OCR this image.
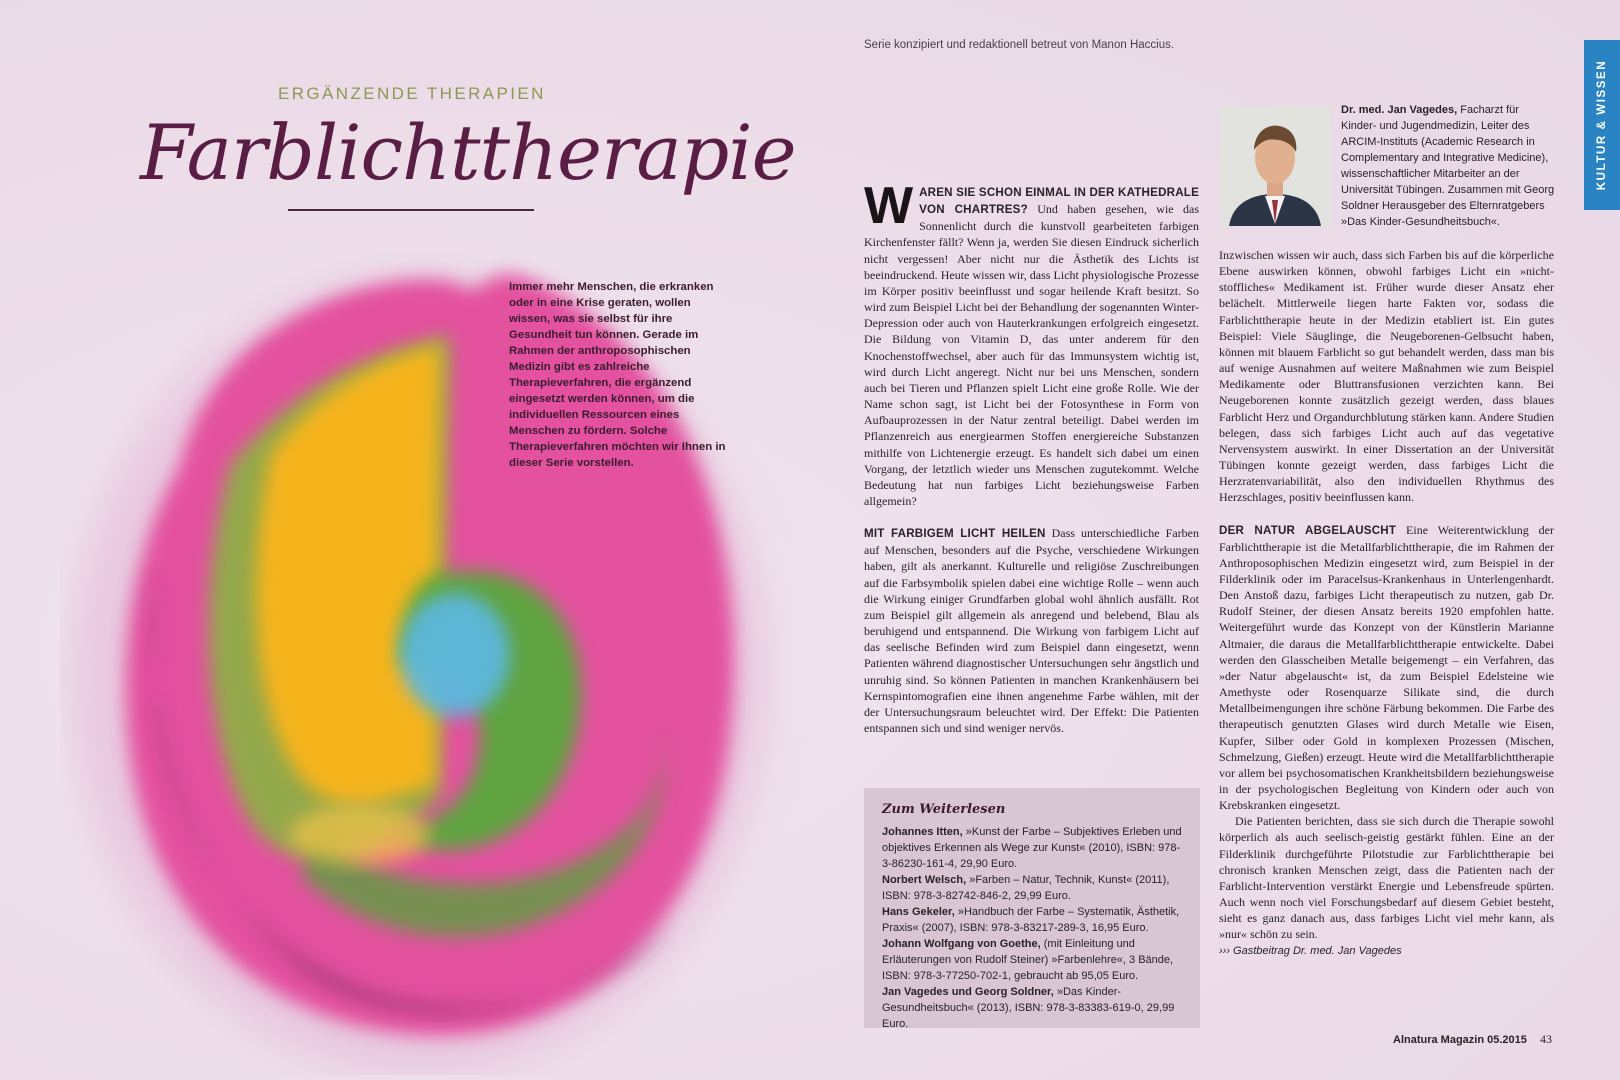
Serie konzipiert und redaktionell betreut von Manon Haccius.
ERGÄNZENDE THERAPIEN
Farblichttherapie
Immer mehr Menschen, die erkranken oder in eine Krise geraten, wollen wissen, was sie selbst für ihre Gesundheit tun können. Gerade im Rahmen der anthroposophischen Medizin gibt es zahlreiche Therapieverfahren, die ergänzend eingesetzt werden können, um die individuellen Ressourcen eines Menschen zu fördern. Solche Therapieverfahren möchten wir Ihnen in dieser Serie vorstellen.
KULTUR & WISSEN
Dr. med. Jan Vagedes, Facharzt für Kinder- und Jugendmedizin, Leiter des ARCIM-Instituts (Academic Research in Complementary and Integrative Medicine), wissenschaftlicher Mitarbeiter an der Universität Tübingen. Zusammen mit Georg Soldner Herausgeber des Elternratgebers »Das Kinder-Gesundheitsbuch«.

WAREN SIE SCHON EINMAL IN DER KATHEDRALE VON CHARTRES? Und haben gesehen, wie das Sonnenlicht durch die kunstvoll gearbeiteten farbigen Kirchenfenster fällt? Wenn ja, werden Sie diesen Eindruck sicherlich nicht vergessen! Aber nicht nur die Ästhetik des Lichts ist beeindruckend. Heute wissen wir, dass Licht physiologische Prozesse im Körper positiv beeinflusst und sogar heilende Kraft besitzt. So wird zum Beispiel Licht bei der Behandlung der sogenannten Winter-Depression oder auch von Hauterkrankungen erfolgreich eingesetzt. Die Bildung von Vitamin D, das unter anderem für den Knochenstoffwechsel, aber auch für das Immunsystem wichtig ist, wird durch Licht angeregt. Nicht nur bei uns Menschen, sondern auch bei Tieren und Pflanzen spielt Licht eine große Rolle. Wie der Name schon sagt, ist Licht bei der Fotosynthese in Form von Aufbauprozessen in der Natur zentral beteiligt. Dabei werden im Pflanzenreich aus energiearmen Stoffen energiereiche Substanzen mithilfe von Lichtenergie erzeugt. Es handelt sich dabei um einen Vorgang, der letztlich wieder uns Menschen zugutekommt. Welche Bedeutung hat nun farbiges Licht beziehungsweise Farben allgemein?

MIT FARBIGEM LICHT HEILEN Dass unterschiedliche Farben auf Menschen, besonders auf die Psyche, verschiedene Wirkungen haben, gilt als anerkannt. Kulturelle und religiöse Zuschreibungen auf die Farbsymbolik spielen dabei eine wichtige Rolle – wenn auch die Wirkung einiger Grundfarben global wohl ähnlich ausfällt. Rot zum Beispiel gilt allgemein als anregend und belebend, Blau als beruhigend und entspannend. Die Wirkung von farbigem Licht auf das seelische Befinden wird zum Beispiel dann eingesetzt, wenn Patienten während diagnostischer Untersuchungen sehr ängstlich und unruhig sind. So können Patienten in manchen Krankenhäusern bei Kernspintomografien eine ihnen angenehme Farbe wählen, mit der der Untersuchungsraum beleuchtet wird. Der Effekt: Die Patienten entspannen sich und sind weniger nervös.

Zum Weiterlesen

Johannes Itten, »Kunst der Farbe – Subjektives Erleben und objektives Erkennen als Wege zur Kunst« (2010), ISBN: 978-3-86230-161-4, 29,90 Euro.

Norbert Welsch, »Farben – Natur, Technik, Kunst« (2011), ISBN: 978-3-82742-846-2, 29,99 Euro.

Hans Gekeler, »Handbuch der Farbe – Systematik, Ästhetik, Praxis« (2007), ISBN: 978-3-83217-289-3, 16,95 Euro.

Johann Wolfgang von Goethe, (mit Einleitung und Erläuterungen von Rudolf Steiner) »Farbenlehre«, 3 Bände, ISBN: 978-3-77250-702-1, gebraucht ab 95,05 Euro.

Jan Vagedes und Georg Soldner, »Das Kinder-Gesundheitsbuch« (2013), ISBN: 978-3-83383-619-0, 29,99 Euro.

Inzwischen wissen wir auch, dass sich Farben bis auf die körperliche Ebene auswirken können, obwohl farbiges Licht ein »nicht-stoffliches« Medikament ist. Früher wurde dieser Ansatz eher belächelt. Mittlerweile liegen harte Fakten vor, sodass die Farblichttherapie heute in der Medizin etabliert ist. Ein gutes Beispiel: Viele Säuglinge, die Neugeborenen-Gelbsucht haben, können mit blauem Farblicht so gut behandelt werden, dass man bis auf wenige Ausnahmen auf weitere Maßnahmen wie zum Beispiel Medikamente oder Bluttransfusionen verzichten kann. Bei Neugeborenen konnte zusätzlich gezeigt werden, dass blaues Farblicht Herz und Organdurchblutung stärken kann. Andere Studien belegen, dass sich farbiges Licht auch auf das vegetative Nervensystem auswirkt. In einer Dissertation an der Universität Tübingen konnte gezeigt werden, dass farbiges Licht die Herzratenvariabilität, also den individuellen Rhythmus des Herzschlages, positiv beeinflussen kann.

DER NATUR ABGELAUSCHT Eine Weiterentwicklung der Farblichttherapie ist die Metallfarblichttherapie, die im Rahmen der Anthroposophischen Medizin eingesetzt wird, zum Beispiel in der Filderklinik oder im Paracelsus-Krankenhaus in Unterlengenhardt. Den Anstoß dazu, farbiges Licht therapeutisch zu nutzen, gab Dr. Rudolf Steiner, der diesen Ansatz bereits 1920 empfohlen hatte. Weitergeführt wurde das Konzept von der Künstlerin Marianne Altmaier, die daraus die Metallfarblichttherapie entwickelte. Dabei werden den Glasscheiben Metalle beigemengt – ein Verfahren, das »der Natur abgelauscht« ist, da zum Beispiel Edelsteine wie Amethyste oder Rosenquarze Silikate sind, die durch Metallbeimengungen ihre schöne Färbung bekommen. Die Farbe des therapeutisch genutzten Glases wird durch Metalle wie Eisen, Kupfer, Silber oder Gold in komplexen Prozessen (Mischen, Schmelzung, Gießen) erzeugt. Heute wird die Metallfarblichttherapie vor allem bei psychosomatischen Krankheitsbildern beziehungsweise in der psychologischen Begleitung von Kindern oder auch von Krebskranken eingesetzt.

Die Patienten berichten, dass sie sich durch die Therapie sowohl körperlich als auch seelisch-geistig gestärkt fühlen. Eine an der Filderklinik durchgeführte Pilotstudie zur Farblichttherapie bei chronisch kranken Menschen zeigt, dass die Patienten nach der Farblicht-Intervention verstärkt Energie und Lebensfreude spürten. Auch wenn noch viel Forschungsbedarf auf diesem Gebiet besteht, sieht es ganz danach aus, dass farbiges Licht viel mehr kann, als »nur« schön zu sein.

››› Gastbeitrag Dr. med. Jan Vagedes

Alnatura Magazin 05.2015 43
